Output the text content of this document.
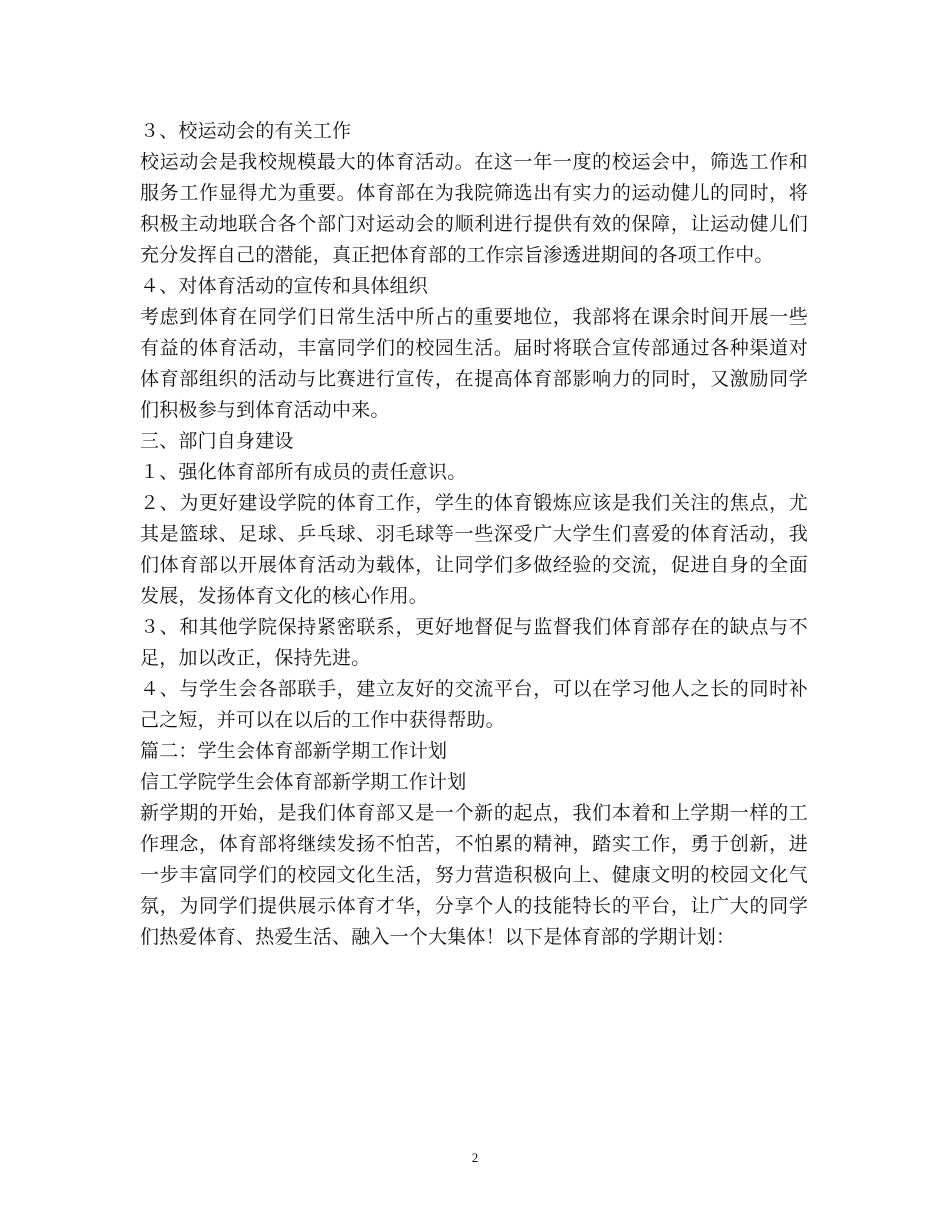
３、校运动会的有关工作

校运动会是我校规模最大的体育活动。在这一年一度的校运会中，筛选工作和服务工作显得尤为重要。体育部在为我院筛选出有实力的运动健儿的同时，将积极主动地联合各个部门对运动会的顺利进行提供有效的保障，让运动健儿们充分发挥自己的潜能，真正把体育部的工作宗旨渗透进期间的各项工作中。

４、对体育活动的宣传和具体组织

考虑到体育在同学们日常生活中所占的重要地位，我部将在课余时间开展一些有益的体育活动，丰富同学们的校园生活。届时将联合宣传部通过各种渠道对体育部组织的活动与比赛进行宣传，在提高体育部影响力的同时，又激励同学们积极参与到体育活动中来。

三、部门自身建设

１、强化体育部所有成员的责任意识。

２、为更好建设学院的体育工作，学生的体育锻炼应该是我们关注的焦点，尤其是篮球、足球、乒乓球、羽毛球等一些深受广大学生们喜爱的体育活动，我们体育部以开展体育活动为载体，让同学们多做经验的交流，促进自身的全面发展，发扬体育文化的核心作用。

３、和其他学院保持紧密联系，更好地督促与监督我们体育部存在的缺点与不足，加以改正，保持先进。

４、与学生会各部联手，建立友好的交流平台，可以在学习他人之长的同时补己之短，并可以在以后的工作中获得帮助。

篇二：学生会体育部新学期工作计划

信工学院学生会体育部新学期工作计划

新学期的开始，是我们体育部又是一个新的起点，我们本着和上学期一样的工作理念，体育部将继续发扬不怕苦，不怕累的精神，踏实工作，勇于创新，进一步丰富同学们的校园文化生活，努力营造积极向上、健康文明的校园文化气氛，为同学们提供展示体育才华，分享个人的技能特长的平台，让广大的同学们热爱体育、热爱生活、融入一个大集体！以下是体育部的学期计划：

2
